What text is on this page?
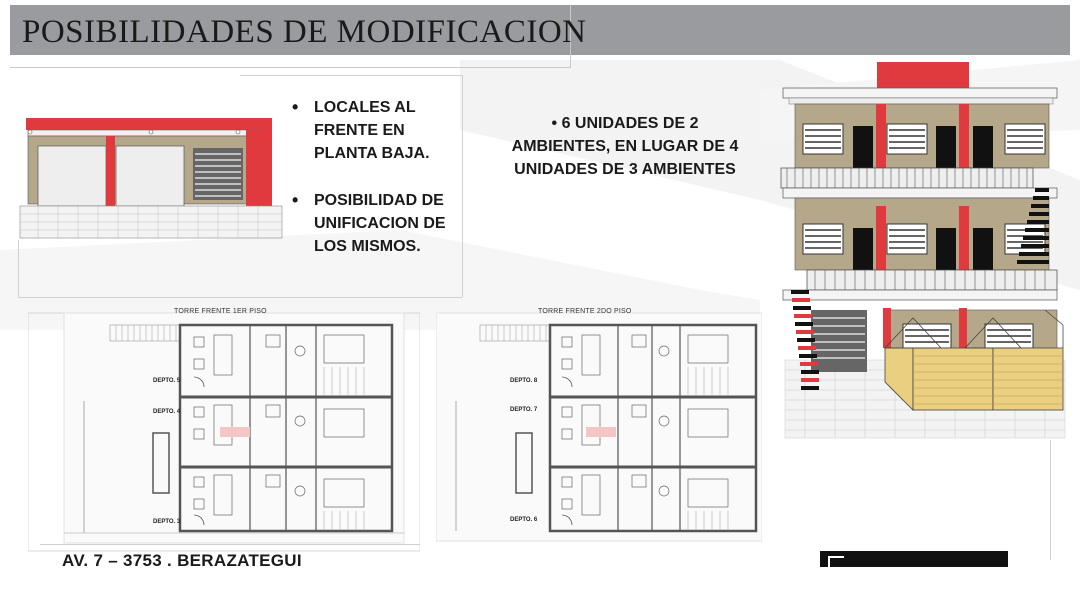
POSIBILIDADES DE MODIFICACION
• LOCALES AL FRENTE EN PLANTA BAJA.
• POSIBILIDAD DE UNIFICACION DE LOS MISMOS.
• 6 UNIDADES DE 2 AMBIENTES, EN LUGAR DE 4 UNIDADES DE 3 AMBIENTES
TORRE FRENTE 1ER PISO
DEPTO. 5
DEPTO. 4
DEPTO. 3
TORRE FRENTE 2DO PISO
DEPTO. 8
DEPTO. 7
DEPTO. 6
AV. 7 – 3753 . BERAZATEGUI
